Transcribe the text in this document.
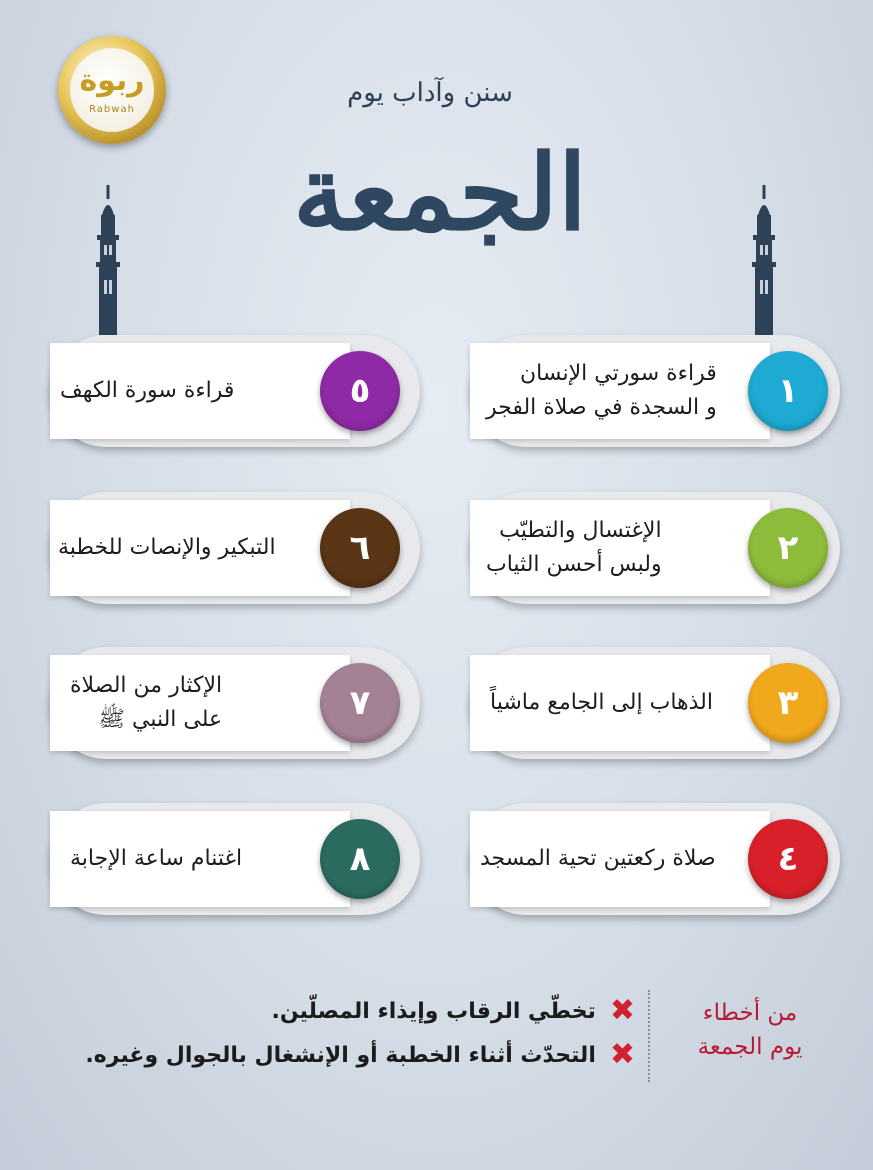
ربوة
Rabwah
سنن وآداب يوم
الجمعة
قراءة سورتي الإنسان
و السجدة في صلاة الفجر	١
الإغتسال والتطيّب
ولبس أحسن الثياب	٢
الذهاب إلى الجامع ماشياً	٣
صلاة ركعتين تحية المسجد	٤
قراءة سورة الكهف	٥
التبكير والإنصات للخطبة	٦
الإكثار من الصلاة
على النبي ﷺ	٧
اغتنام ساعة الإجابة	٨
من أخطاء
يوم الجمعة
✖
تخطّي الرقاب وإيذاء المصلّين.
✖
التحدّث أثناء الخطبة أو الإنشغال بالجوال وغيره.
